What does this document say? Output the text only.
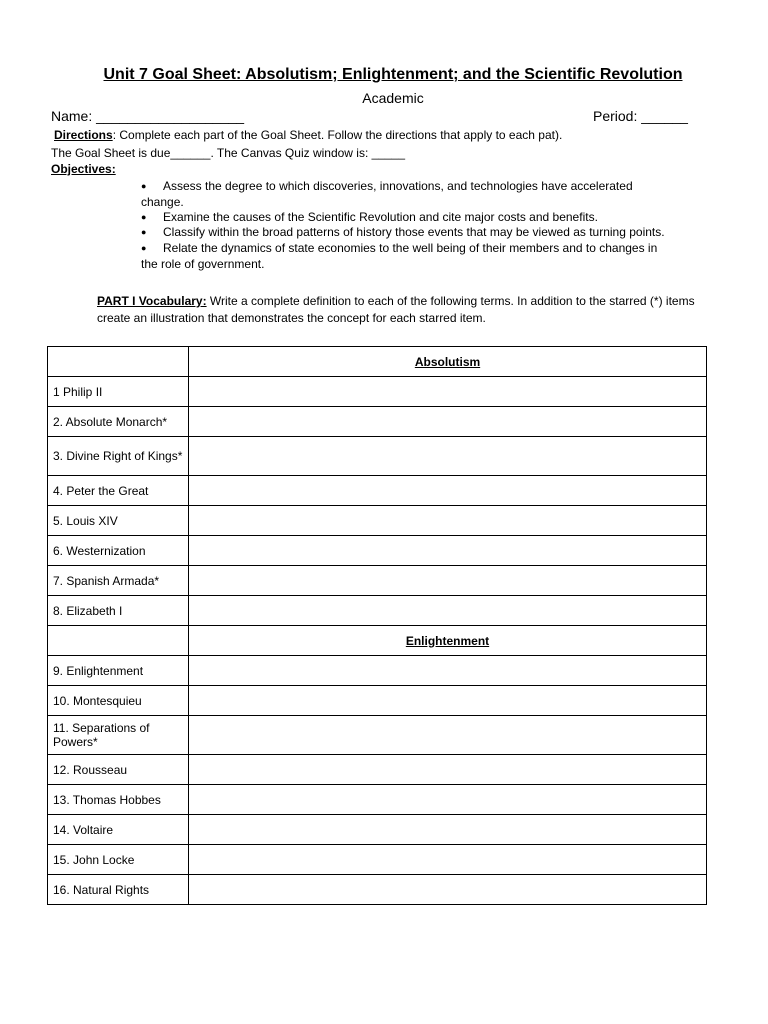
Unit 7 Goal Sheet: Absolutism; Enlightenment; and the Scientific Revolution
Academic
Name: ___________________	Period: ______
Directions: Complete each part of the Goal Sheet. Follow the directions that apply to each pat).
The Goal Sheet is due______. The Canvas Quiz window is: _____
Objectives:
● Assess the degree to which discoveries, innovations, and technologies have accelerated
change.
● Examine the causes of the Scientific Revolution and cite major costs and benefits.
● Classify within the broad patterns of history those events that may be viewed as turning points.
● Relate the dynamics of state economies to the well being of their members and to changes in
the role of government.
PART I Vocabulary: Write a complete definition to each of the following terms. In addition to the starred (*) items create an illustration that demonstrates the concept for each starred item.
	Absolutism
1 Philip II	
2. Absolute Monarch*	
3. Divine Right of Kings*	
4. Peter the Great	
5. Louis XIV	
6. Westernization	
7. Spanish Armada*	
8. Elizabeth I	
	Enlightenment
9. Enlightenment	
10. Montesquieu	
11. Separations of Powers*	
12. Rousseau	
13. Thomas Hobbes	
14. Voltaire	
15. John Locke	
16. Natural Rights	
